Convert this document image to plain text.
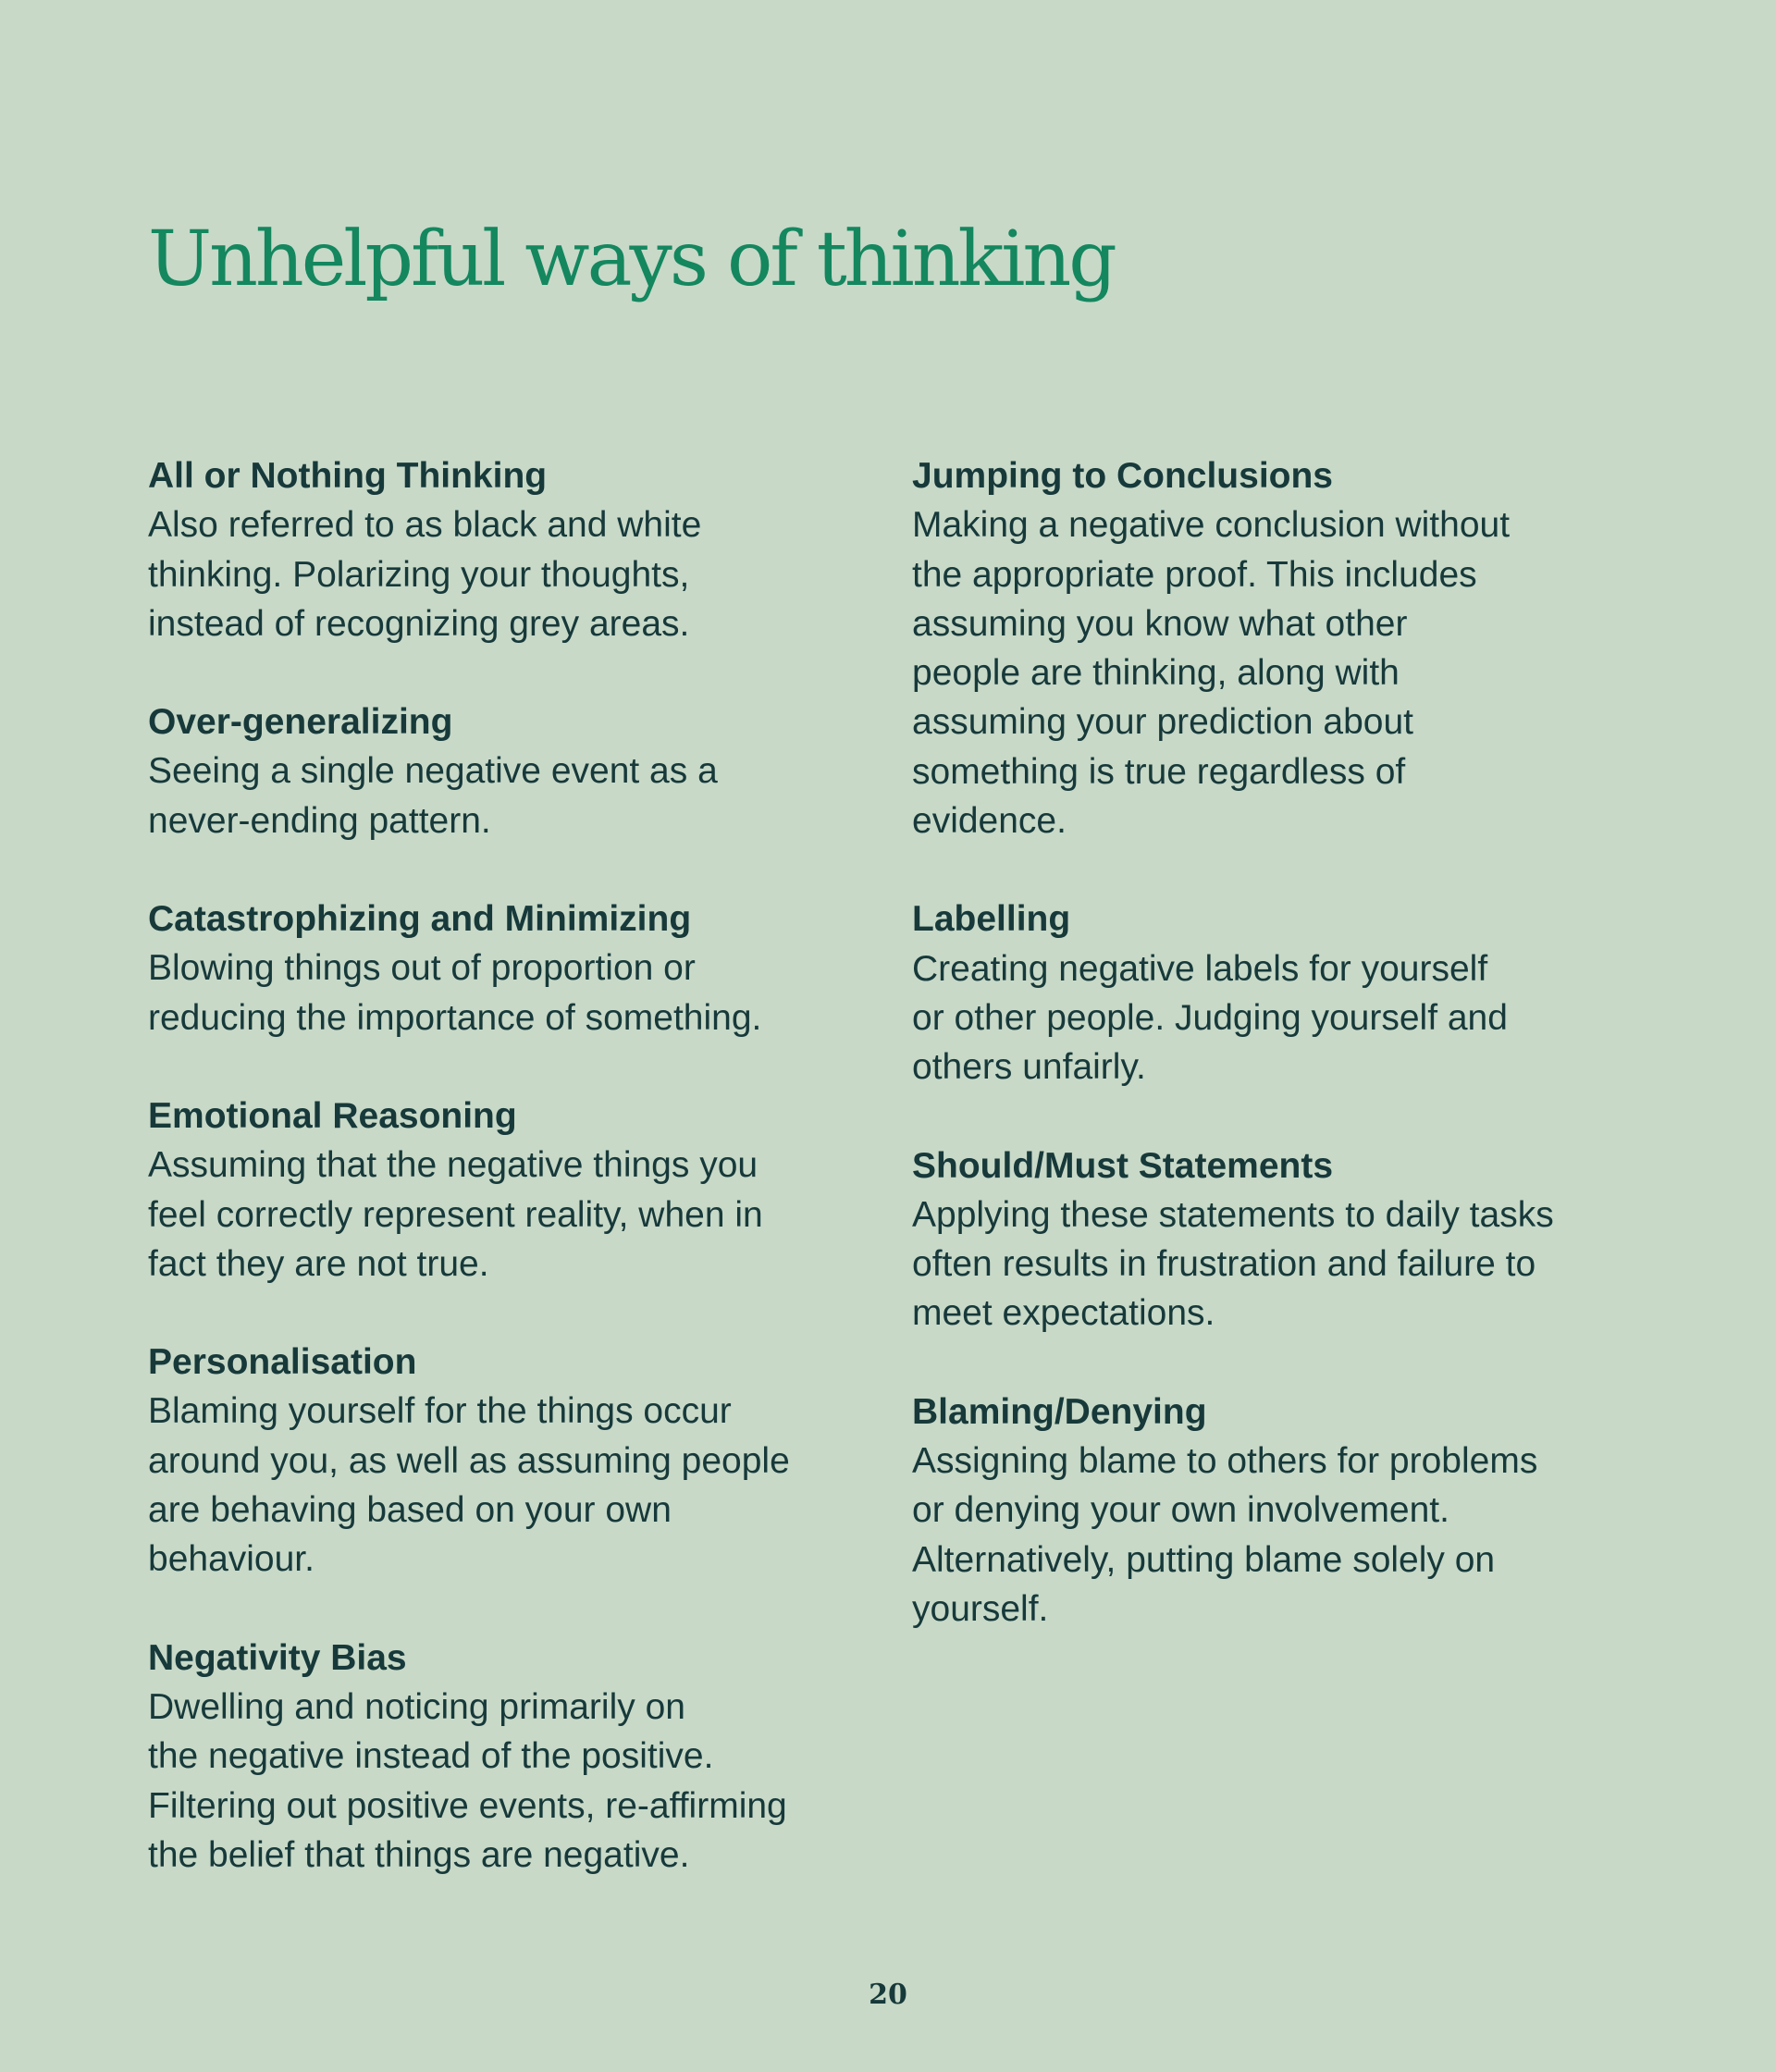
Unhelpful ways of thinking

All or Nothing Thinking

Also referred to as black and white
thinking. Polarizing your thoughts,
instead of recognizing grey areas.

Over-generalizing

Seeing a single negative event as a
never-ending pattern.

Catastrophizing and Minimizing

Blowing things out of proportion or
reducing the importance of something.

Emotional Reasoning

Assuming that the negative things you
feel correctly represent reality, when in
fact they are not true.

Personalisation

Blaming yourself for the things occur
around you, as well as assuming people
are behaving based on your own
behaviour.

Negativity Bias

Dwelling and noticing primarily on
the negative instead of the positive.
Filtering out positive events, re-affirming
the belief that things are negative.

Jumping to Conclusions

Making a negative conclusion without
the appropriate proof. This includes
assuming you know what other
people are thinking, along with
assuming your prediction about
something is true regardless of
evidence.

Labelling

Creating negative labels for yourself
or other people. Judging yourself and
others unfairly.

Should/Must Statements

Applying these statements to daily tasks
often results in frustration and failure to
meet expectations.

Blaming/Denying

Assigning blame to others for problems
or denying your own involvement.
Alternatively, putting blame solely on
yourself.

20
